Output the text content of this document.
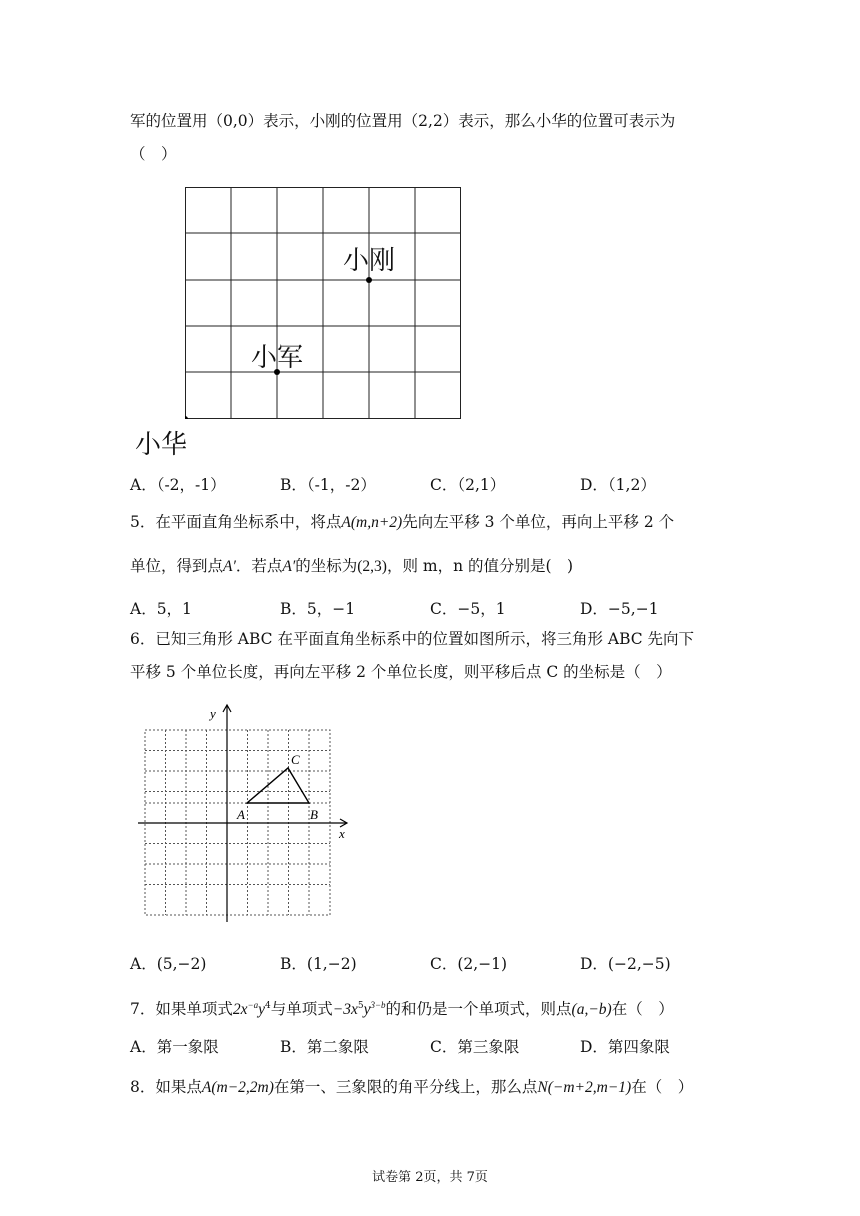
军的位置用（0,0）表示，小刚的位置用（2,2）表示，那么小华的位置可表示为
（　）
小刚
小军
小华
A．（-2，-1）	B．（-1，-2）	C．（2,1）	D．（1,2）
5．在平面直角坐标系中，将点A(m,n+2)先向左平移 3 个单位，再向上平移 2 个
单位，得到点A′．若点A′的坐标为(2,3)，则 m，n 的值分别是(　)
A．5，1	B．5，−1	C．−5，1	D．−5,−1
6．已知三角形 ABC 在平面直角坐标系中的位置如图所示，将三角形 ABC 先向下
平移 5 个单位长度，再向左平移 2 个单位长度，则平移后点 C 的坐标是（　）
A	B
C
x
y
A．(5,−2)	B．(1,−2)	C．(2,−1)	D．(−2,−5)
7．如果单项式$2x^{-a}y^4$与单项式$-3x^5y^{3-b}$的和仍是一个单项式，则点(a,−b)在（　）
A．第一象限	B．第二象限	C．第三象限	D．第四象限
8．如果点A(m−2,2m)在第一、三象限的角平分线上，那么点N(−m+2,m−1)在（　）
试卷第 2页，共 7页
